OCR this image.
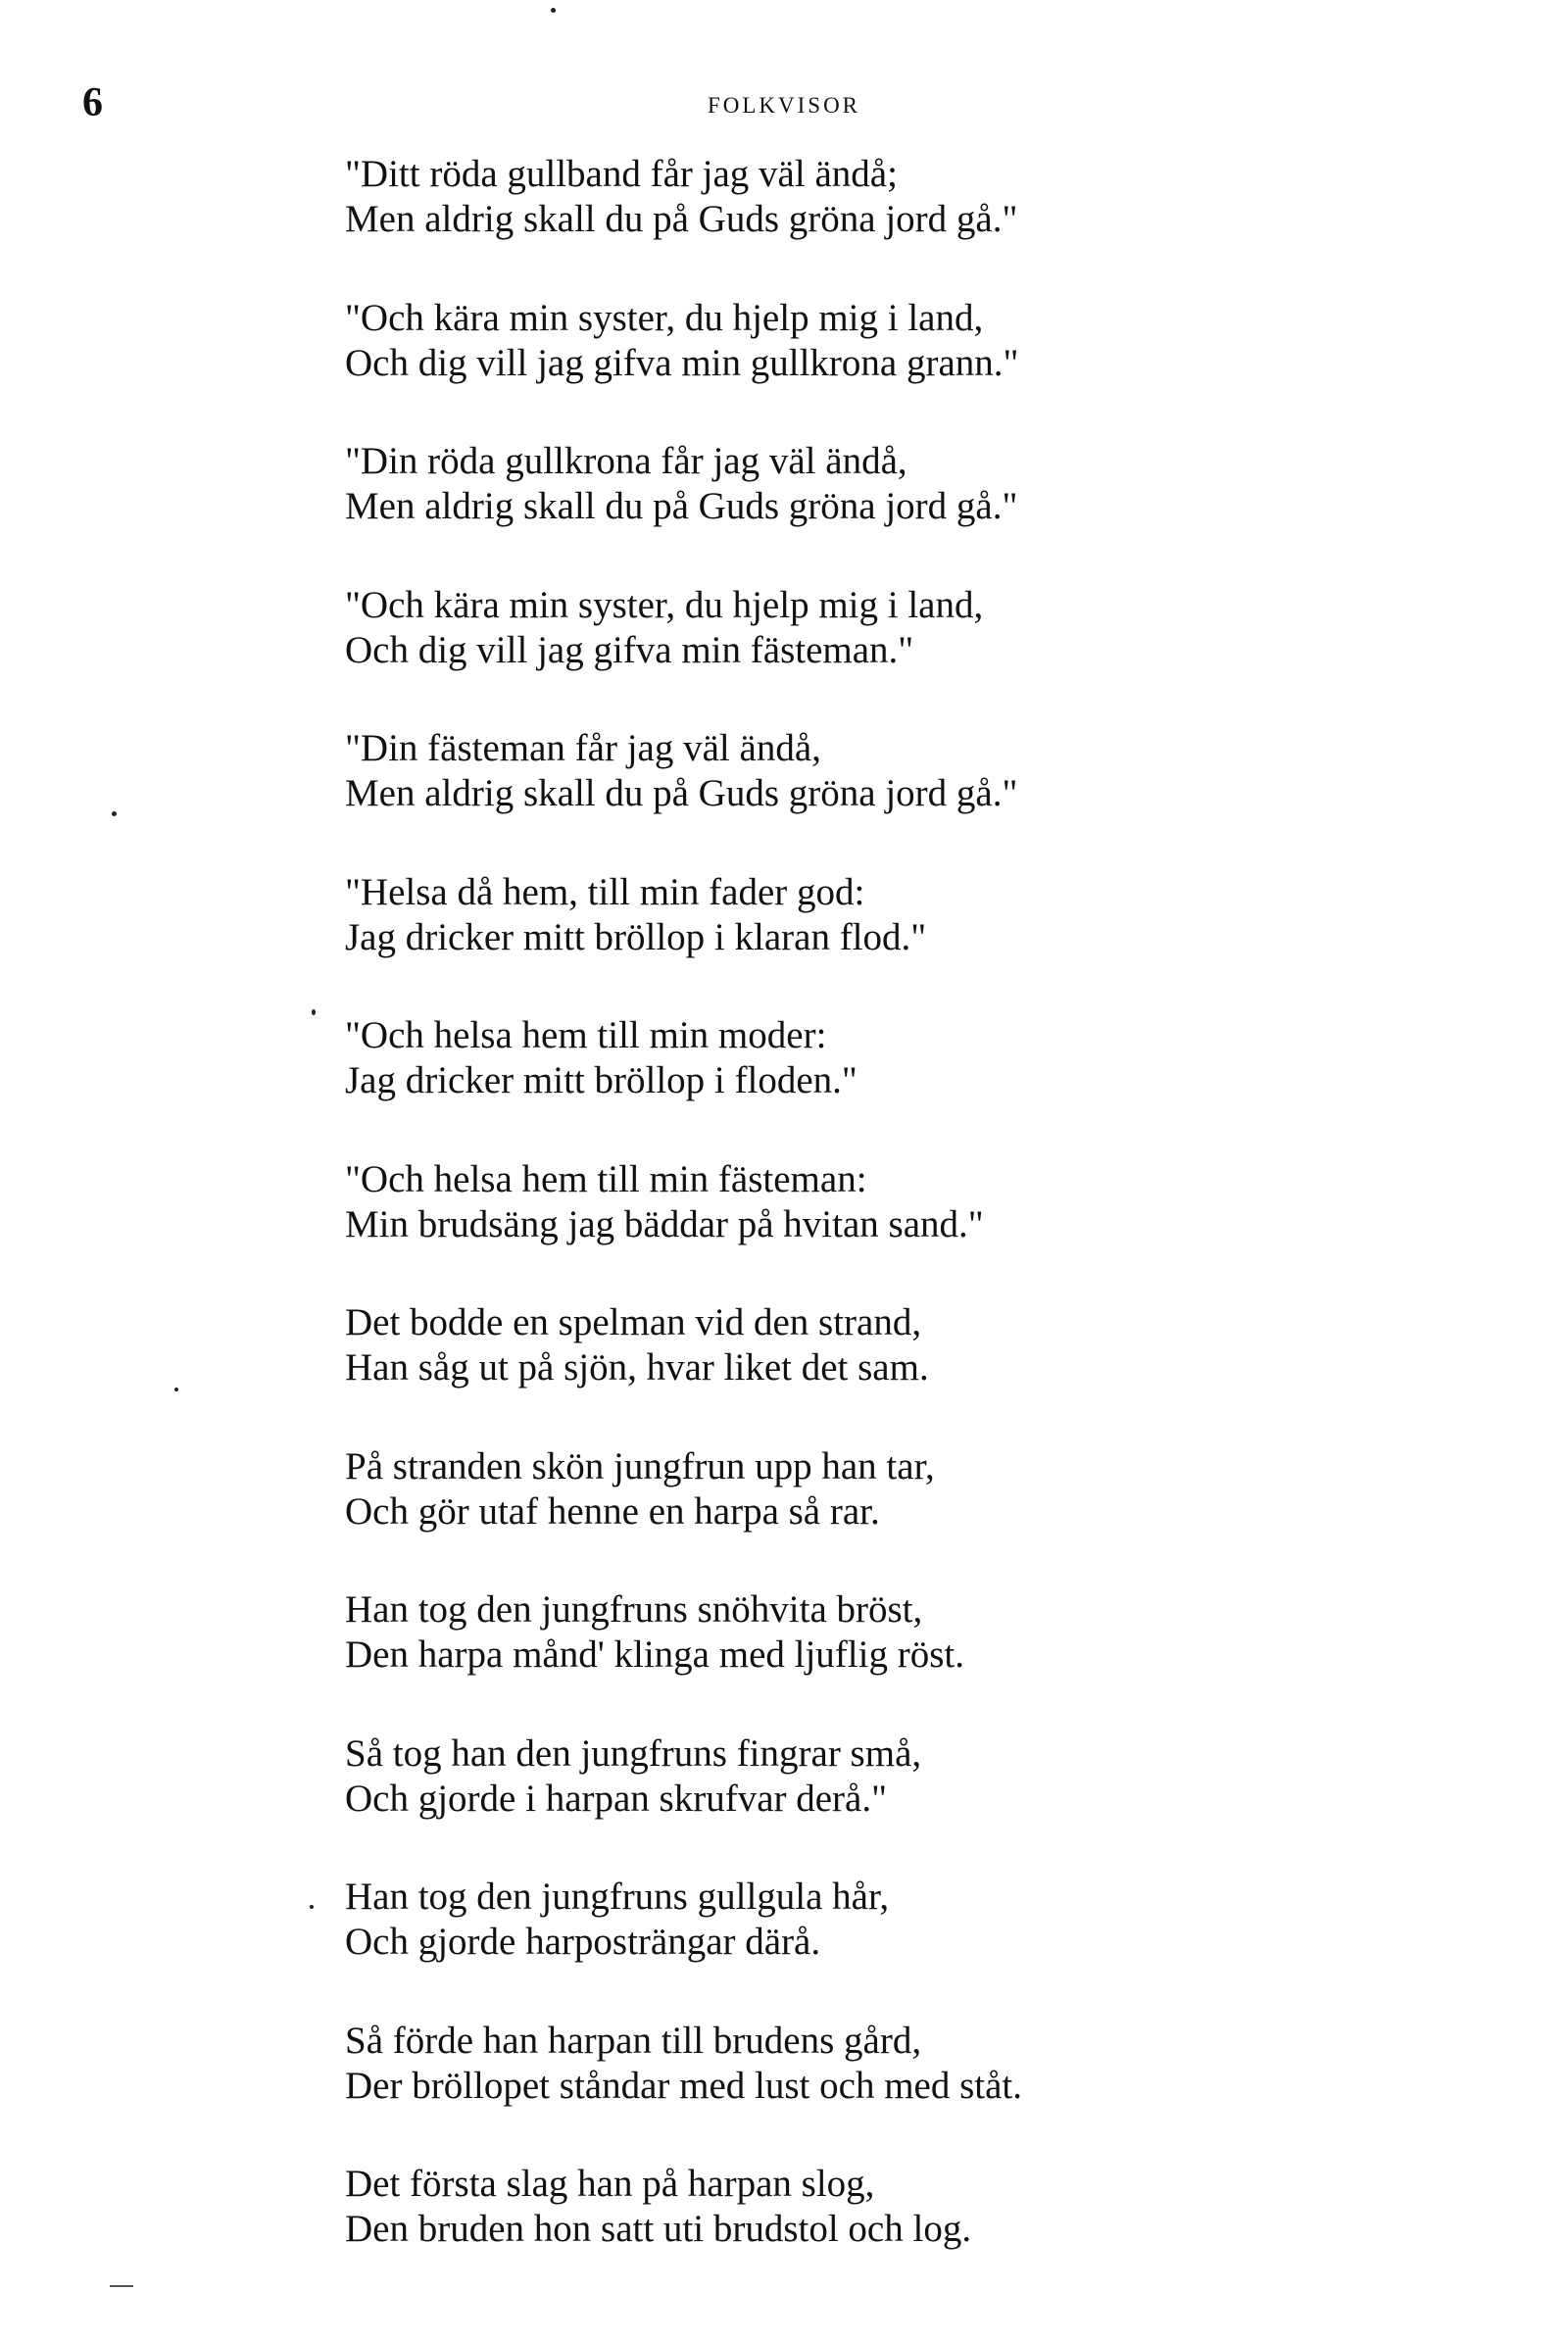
6	FOLKVISOR
"Ditt röda gullband får jag väl ändå;
Men aldrig skall du på Guds gröna jord gå."
"Och kära min syster, du hjelp mig i land,
Och dig vill jag gifva min gullkrona grann."
"Din röda gullkrona får jag väl ändå,
Men aldrig skall du på Guds gröna jord gå."
"Och kära min syster, du hjelp mig i land,
Och dig vill jag gifva min fästeman."
"Din fästeman får jag väl ändå,
Men aldrig skall du på Guds gröna jord gå."
"Helsa då hem, till min fader god:
Jag dricker mitt bröllop i klaran flod."
"Och helsa hem till min moder:
Jag dricker mitt bröllop i floden."
"Och helsa hem till min fästeman:
Min brudsäng jag bäddar på hvitan sand."
Det bodde en spelman vid den strand,
Han såg ut på sjön, hvar liket det sam.
På stranden skön jungfrun upp han tar,
Och gör utaf henne en harpa så rar.
Han tog den jungfruns snöhvita bröst,
Den harpa månd' klinga med ljuflig röst.
Så tog han den jungfruns fingrar små,
Och gjorde i harpan skrufvar derå."
Han tog den jungfruns gullgula hår,
Och gjorde harposträngar därå.
Så förde han harpan till brudens gård,
Der bröllopet ståndar med lust och med ståt.
Det första slag han på harpan slog,
Den bruden hon satt uti brudstol och log.
